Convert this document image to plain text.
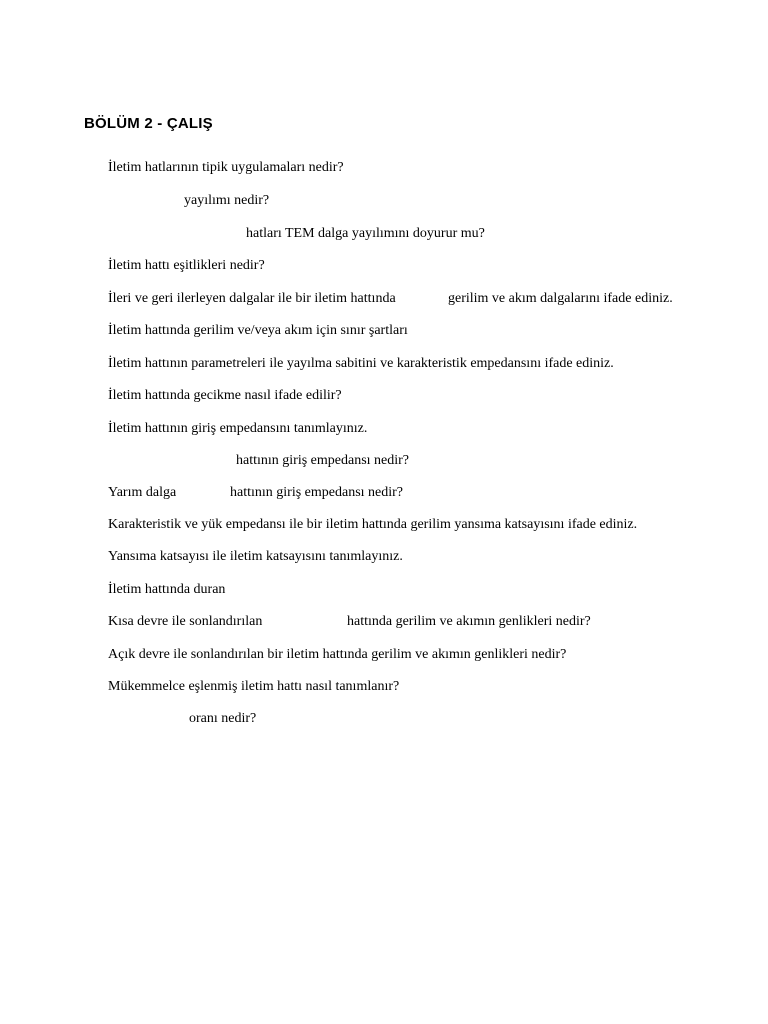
BÖLÜM 2 - ÇALIŞ
İletim hatlarının tipik uygulamaları nedir?
yayılımı nedir?
hatları TEM dalga yayılımını doyurur mu?
İletim hattı eşitlikleri nedir?
İleri ve geri ilerleyen dalgalar ile bir iletim hattında	gerilim ve akım dalgalarını ifade ediniz.
İletim hattında gerilim ve/veya akım için sınır şartları
İletim hattının parametreleri ile yayılma sabitini ve karakteristik empedansını ifade ediniz.
İletim hattında gecikme nasıl ifade edilir?
İletim hattının giriş empedansını tanımlayınız.
hattının giriş empedansı nedir?
Yarım dalga	hattının giriş empedansı nedir?
Karakteristik ve yük empedansı ile bir iletim hattında gerilim yansıma katsayısını ifade ediniz.
Yansıma katsayısı ile iletim katsayısını tanımlayınız.
İletim hattında duran
Kısa devre ile sonlandırılan	hattında gerilim ve akımın genlikleri nedir?
Açık devre ile sonlandırılan bir iletim hattında gerilim ve akımın genlikleri nedir?
Mükemmelce eşlenmiş iletim hattı nasıl tanımlanır?
oranı nedir?
